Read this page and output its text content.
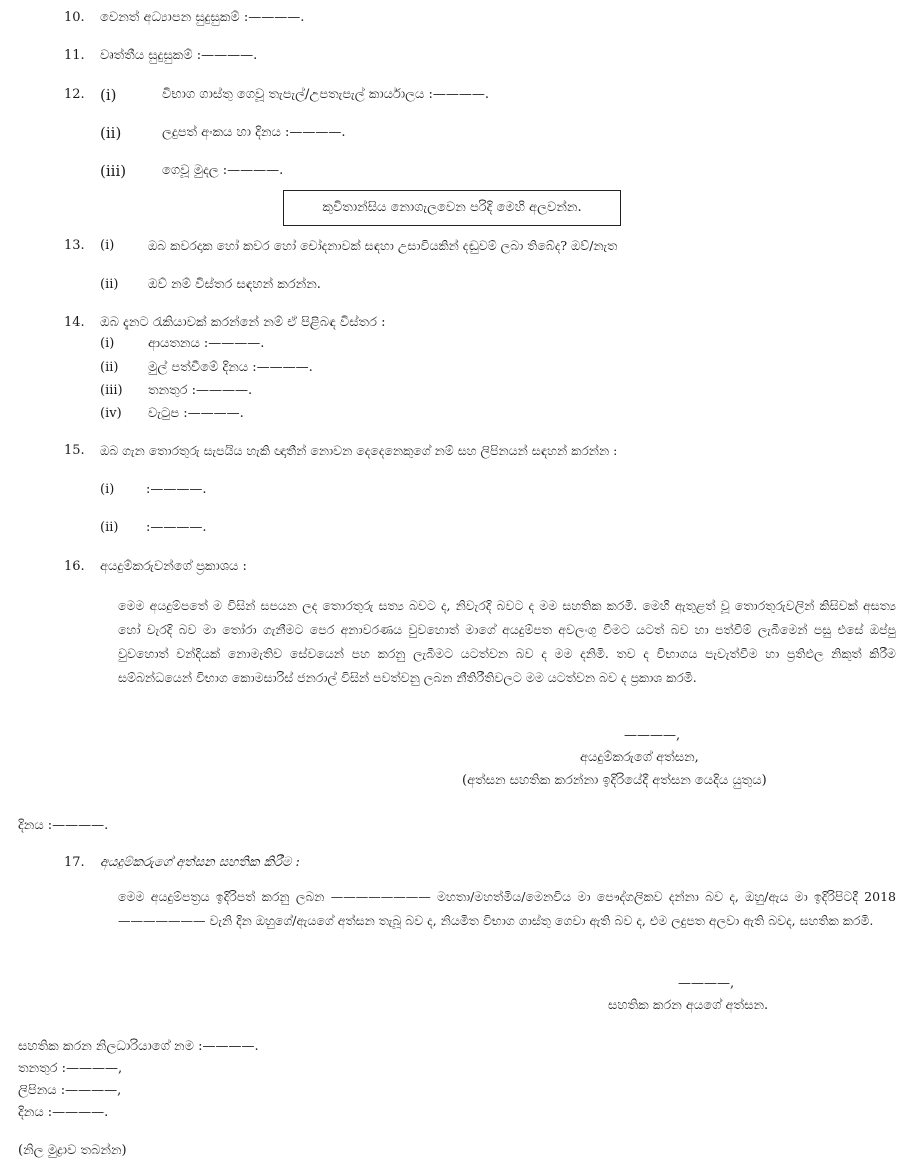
10. වෙනත් අධ්‍යාපන සුදුසුකම් :————.
11. වෘත්තීය සුදුසුකම් :————.
12. (i)	විභාග ගාස්තු ගෙවූ තැපැල්/උපතැපැල් කාර්යාලය :————.
(ii)	ලදුපත් අංකය හා දිනය :————.
(iii)	ගෙවූ මුදල :————.
කුවිතාන්සිය නොගැලවෙන පරිදි මෙහි අලවන්න.
13. (i)	ඔබ කවරදාක හෝ කවර හෝ චෝදනාවක් සඳහා උසාවියකින් දඬුවම් ලබා තිබේද? ඔව්/නැත
(ii) ඔව් නම් විස්තර සඳහන් කරන්න.
14. ඔබ දැනට රැකියාවක් කරන්නේ නම් ඒ පිළිබඳ විස්තර :
(i)	ආයතනය :————.
(ii) මුල් පත්වීමේ දිනය :————.
(iii) තනතුර :————.
(iv) වැටුප :————.
15. ඔබ ගැන තොරතුරු සැපයිය හැකි ඥාතීන් නොවන දෙදෙනෙකුගේ නම් සහ ලිපිනයන් සඳහන් කරන්න :
(i) :————.
(ii) :————.
16. අයදුම්කරුවන්ගේ ප්‍රකාශය :
මෙම අයදුම්පතේ ම විසින් සපයන ලද තොරතුරු සත්‍ය බවට ද, නිවැරදි බවට ද මම සහතික කරමි. මෙහි ඇතුළත් වූ තොරතුරුවලින් කිසිවක් අසත්‍ය හෝ වැරදි බව මා තෝරා ගැනීමට පෙර අනාවරණය වුවහොත් මාගේ අයදුම්පත අවලංගු වීමට යටත් බව හා පත්වීම් ලැබීමෙන් පසු එසේ ඔප්පු වුවහොත් වන්දියක් නොමැතිව සේවයෙන් පහ කරනු ලැබීමට යටත්වන බව ද මම දනිමි. තව ද විභාගය පැවැත්වීම හා ප්‍රතිඵල නිකුත් කිරීම සම්බන්ධයෙන් විභාග කොමසාරිස් ජනරාල් විසින් පවත්වනු ලබන නීතිරීතිවලට මම යටත්වන බව ද ප්‍රකාශ කරමි.
————,
අයදුම්කරුගේ අත්සන,
(අත්සන සහතික කරන්නා ඉදිරියේදී අත්සන යෙදිය යුතුය)
දිනය :————.
17. අයදුම්කරුගේ අත්සන සහතික කිරීම :
මෙම අයදුම්පත්‍රය ඉදිරිපත් කරනු ලබන ———————— මහතා/මහත්මිය/මෙනවිය මා පෞද්ගලිකව දන්නා බව ද, ඔහු/ඇය මා ඉදිරිපිටදී 2018 ——————— වැනි දින ඔහුගේ/ඇයගේ අත්සන තැබූ බව ද, නියමිත විභාග ගාස්තු ගෙවා ඇති බව ද, එම ලදුපත අලවා ඇති බවද, සහතික කරමි.
————,
සහතික කරන අයගේ අත්සන.
සහතික කරන නිලධාරියාගේ නම :————.
තනතුර :————,
ලිපිනය :————,
දිනය :————.
(නිල මුද්‍රාව තබන්න)
